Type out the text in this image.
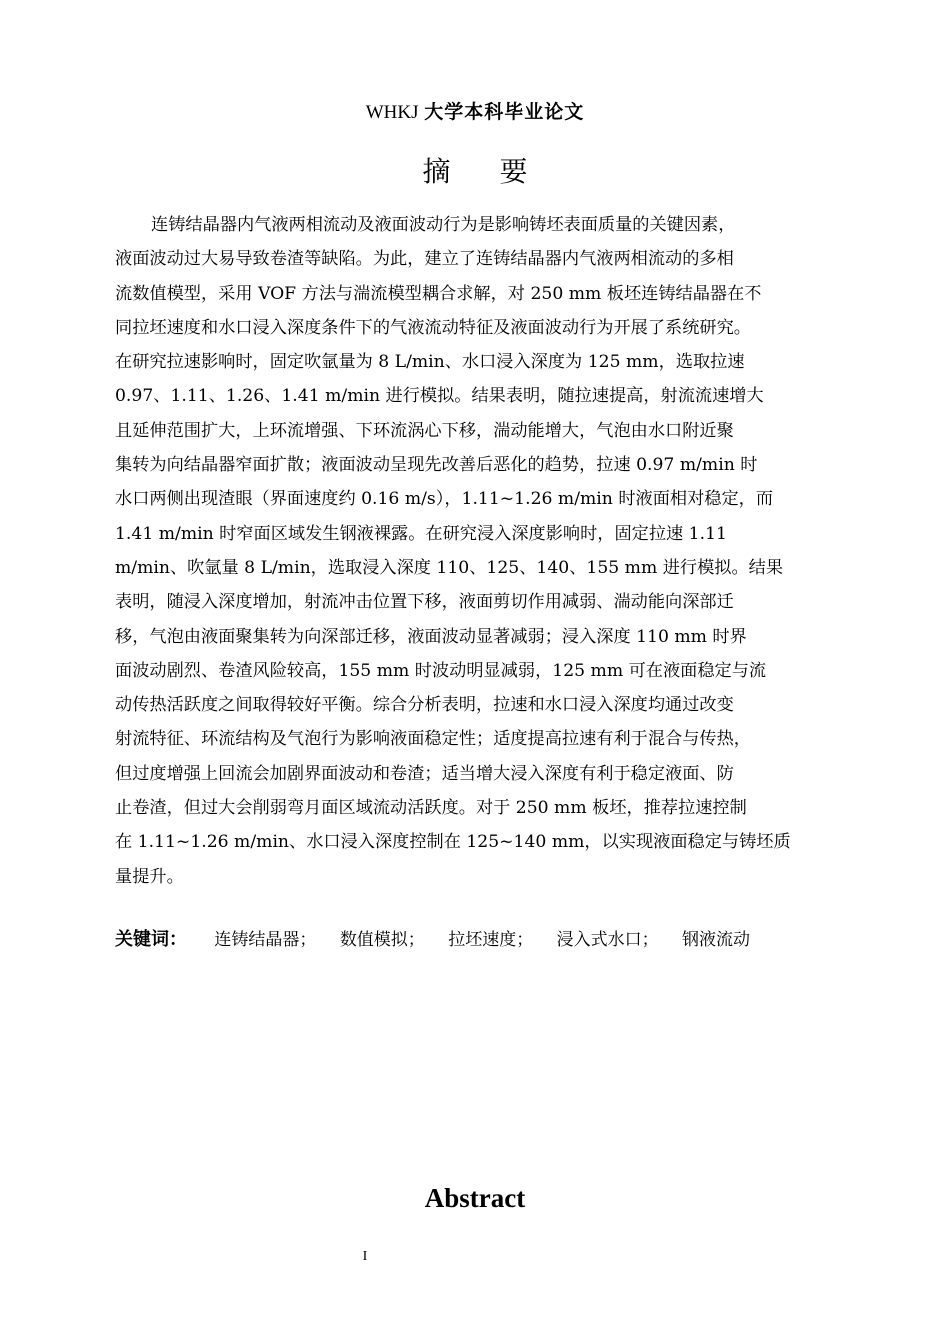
WHKJ 大学本科毕业论文
摘 要
连铸结晶器内气液两相流动及液面波动行为是影响铸坯表面质量的关键因素，
液面波动过大易导致卷渣等缺陷。为此，建立了连铸结晶器内气液两相流动的多相
流数值模型，采用 VOF 方法与湍流模型耦合求解，对 250 mm 板坯连铸结晶器在不
同拉坯速度和水口浸入深度条件下的气液流动特征及液面波动行为开展了系统研究。
在研究拉速影响时，固定吹氩量为 8 L/min、水口浸入深度为 125 mm，选取拉速
0.97、1.11、1.26、1.41 m/min 进行模拟。结果表明，随拉速提高，射流流速增大
且延伸范围扩大，上环流增强、下环流涡心下移，湍动能增大，气泡由水口附近聚
集转为向结晶器窄面扩散；液面波动呈现先改善后恶化的趋势，拉速 0.97 m/min 时
水口两侧出现渣眼（界面速度约 0.16 m/s），1.11~1.26 m/min 时液面相对稳定，而
1.41 m/min 时窄面区域发生钢液裸露。在研究浸入深度影响时，固定拉速 1.11
m/min、吹氩量 8 L/min，选取浸入深度 110、125、140、155 mm 进行模拟。结果
表明，随浸入深度增加，射流冲击位置下移，液面剪切作用减弱、湍动能向深部迁
移，气泡由液面聚集转为向深部迁移，液面波动显著减弱；浸入深度 110 mm 时界
面波动剧烈、卷渣风险较高，155 mm 时波动明显减弱，125 mm 可在液面稳定与流
动传热活跃度之间取得较好平衡。综合分析表明，拉速和水口浸入深度均通过改变
射流特征、环流结构及气泡行为影响液面稳定性；适度提高拉速有利于混合与传热，
但过度增强上回流会加剧界面波动和卷渣；适当增大浸入深度有利于稳定液面、防
止卷渣，但过大会削弱弯月面区域流动活跃度。对于 250 mm 板坯，推荐拉速控制
在 1.11~1.26 m/min、水口浸入深度控制在 125~140 mm，以实现液面稳定与铸坯质
量提升。
关键词： 连铸结晶器； 数值模拟； 拉坯速度； 浸入式水口； 钢液流动
Abstract
I
